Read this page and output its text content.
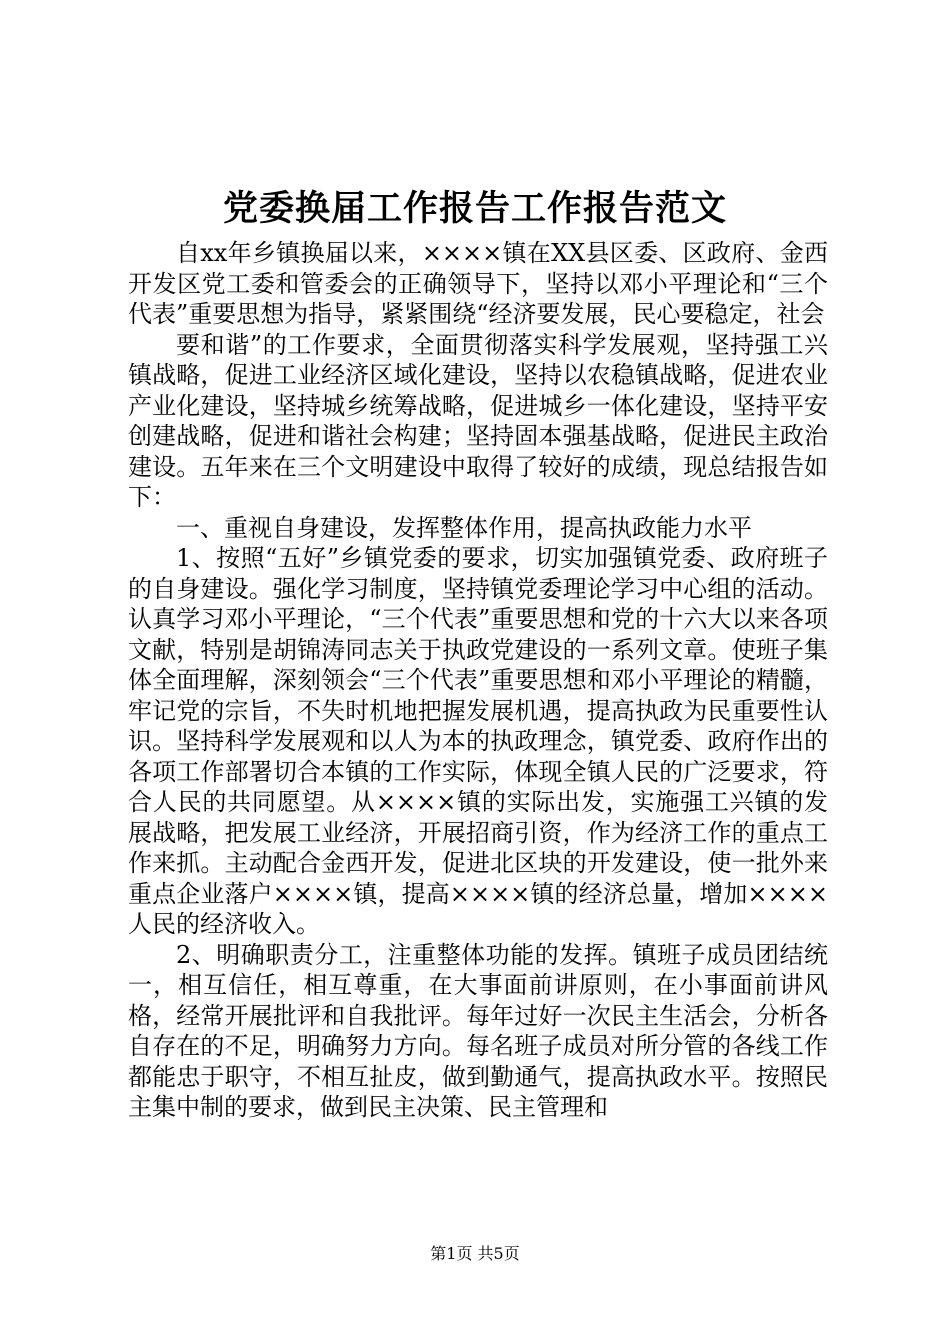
党委换届工作报告工作报告范文

自xx年乡镇换届以来，××××镇在XX县区委、区政府、金西开发区党工委和管委会的正确领导下，坚持以邓小平理论和“三个代表”重要思想为指导，紧紧围绕“经济要发展，民心要稳定，社会

要和谐”的工作要求，全面贯彻落实科学发展观，坚持强工兴镇战略，促进工业经济区域化建设，坚持以农稳镇战略，促进农业产业化建设，坚持城乡统筹战略，促进城乡一体化建设，坚持平安创建战略，促进和谐社会构建；坚持固本强基战略，促进民主政治建设。五年来在三个文明建设中取得了较好的成绩，现总结报告如下：

一、重视自身建设，发挥整体作用，提高执政能力水平

1、按照“五好”乡镇党委的要求，切实加强镇党委、政府班子的自身建设。强化学习制度，坚持镇党委理论学习中心组的活动。认真学习邓小平理论，“三个代表”重要思想和党的十六大以来各项文献，特别是胡锦涛同志关于执政党建设的一系列文章。使班子集体全面理解，深刻领会“三个代表”重要思想和邓小平理论的精髓，牢记党的宗旨，不失时机地把握发展机遇，提高执政为民重要性认识。坚持科学发展观和以人为本的执政理念，镇党委、政府作出的各项工作部署切合本镇的工作实际，体现全镇人民的广泛要求，符合人民的共同愿望。从××××镇的实际出发，实施强工兴镇的发展战略，把发展工业经济，开展招商引资，作为经济工作的重点工作来抓。主动配合金西开发，促进北区块的开发建设，使一批外来重点企业落户××××镇，提高××××镇的经济总量，增加××××人民的经济收入。

2、明确职责分工，注重整体功能的发挥。镇班子成员团结统一，相互信任，相互尊重，在大事面前讲原则，在小事面前讲风格，经常开展批评和自我批评。每年过好一次民主生活会，分析各自存在的不足，明确努力方向。每名班子成员对所分管的各线工作都能忠于职守，不相互扯皮，做到勤通气，提高执政水平。按照民主集中制的要求，做到民主决策、民主管理和

第1页 共5页
